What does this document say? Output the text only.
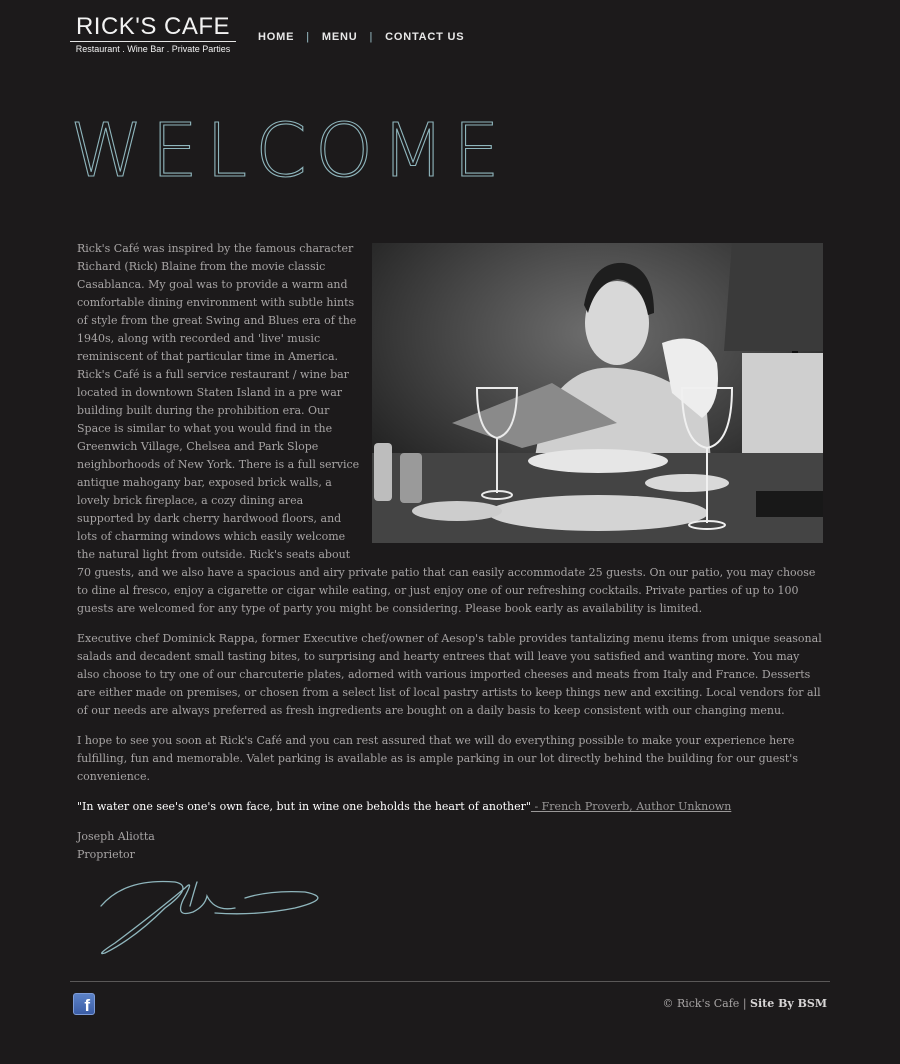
RICK'S CAFE
Restaurant . Wine Bar . Private Parties
HOME | MENU | CONTACT US
WELCOME

Rick's Café was inspired by the famous character Richard (Rick) Blaine from the movie classic Casablanca. My goal was to provide a warm and comfortable dining environment with subtle hints of style from the great Swing and Blues era of the 1940s, along with recorded and 'live' music reminiscent of that particular time in America. Rick's Café is a full service restaurant / wine bar located in downtown Staten Island in a pre war building built during the prohibition era. Our Space is similar to what you would find in the Greenwich Village, Chelsea and Park Slope neighborhoods of New York. There is a full service antique mahogany bar, exposed brick walls, a lovely brick fireplace, a cozy dining area supported by dark cherry hardwood floors, and lots of charming windows which easily welcome the natural light from outside. Rick's seats about 70 guests, and we also have a spacious and airy private patio that can easily accommodate 25 guests. On our patio, you may choose to dine al fresco, enjoy a cigarette or cigar while eating, or just enjoy one of our refreshing cocktails. Private parties of up to 100 guests are welcomed for any type of party you might be considering. Please book early as availability is limited.

Executive chef Dominick Rappa, former Executive chef/owner of Aesop's table provides tantalizing menu items from unique seasonal salads and decadent small tasting bites, to surprising and hearty entrees that will leave you satisfied and wanting more. You may also choose to try one of our charcuterie plates, adorned with various imported cheeses and meats from Italy and France. Desserts are either made on premises, or chosen from a select list of local pastry artists to keep things new and exciting. Local vendors for all of our needs are always preferred as fresh ingredients are bought on a daily basis to keep consistent with our changing menu.

I hope to see you soon at Rick's Café and you can rest assured that we will do everything possible to make your experience here fulfilling, fun and memorable. Valet parking is available as is ample parking in our lot directly behind the building for our guest's convenience.

"In water one see's one's own face, but in wine one beholds the heart of another" - French Proverb, Author Unknown

Joseph Aliotta
Proprietor
f	© Rick's Cafe | Site By BSM
